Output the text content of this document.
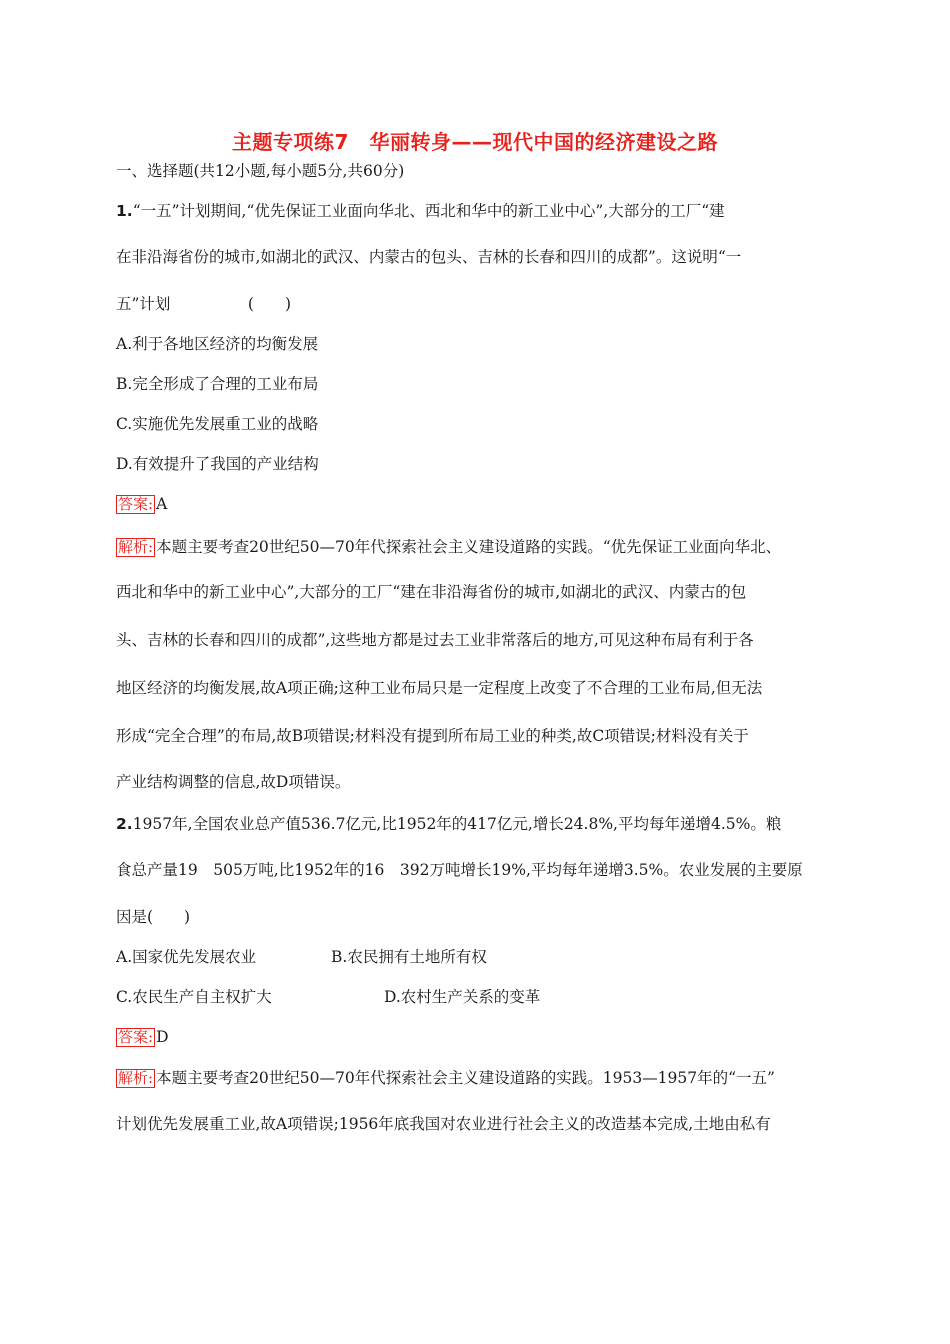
主题专项练7　华丽转身——现代中国的经济建设之路
一、选择题(共12小题,每小题5分,共60分)
1.“一五”计划期间,“优先保证工业面向华北、西北和华中的新工业中心”,大部分的工厂“建
在非沿海省份的城市,如湖北的武汉、内蒙古的包头、吉林的长春和四川的成都”。这说明“一
五”计划　　　　　(　　)
A.利于各地区经济的均衡发展
B.完全形成了合理的工业布局
C.实施优先发展重工业的战略
D.有效提升了我国的产业结构
答案: A
解析: 本题主要考查20世纪50—70年代探索社会主义建设道路的实践。“优先保证工业面向华北、
西北和华中的新工业中心”,大部分的工厂“建在非沿海省份的城市,如湖北的武汉、内蒙古的包
头、吉林的长春和四川的成都”,这些地方都是过去工业非常落后的地方,可见这种布局有利于各
地区经济的均衡发展,故A项正确;这种工业布局只是一定程度上改变了不合理的工业布局,但无法
形成“完全合理”的布局,故B项错误;材料没有提到所布局工业的种类,故C项错误;材料没有关于
产业结构调整的信息,故D项错误。
2.1957年,全国农业总产值536.7亿元,比1952年的417亿元,增长24.8%,平均每年递增4.5%。粮
食总产量19　505万吨,比1952年的16　392万吨增长19%,平均每年递增3.5%。农业发展的主要原
因是(　　)
A.国家优先发展农业	B.农民拥有土地所有权
C.农民生产自主权扩大	D.农村生产关系的变革
答案: D
解析: 本题主要考查20世纪50—70年代探索社会主义建设道路的实践。1953—1957年的“一五”
计划优先发展重工业,故A项错误;1956年底我国对农业进行社会主义的改造基本完成,土地由私有
